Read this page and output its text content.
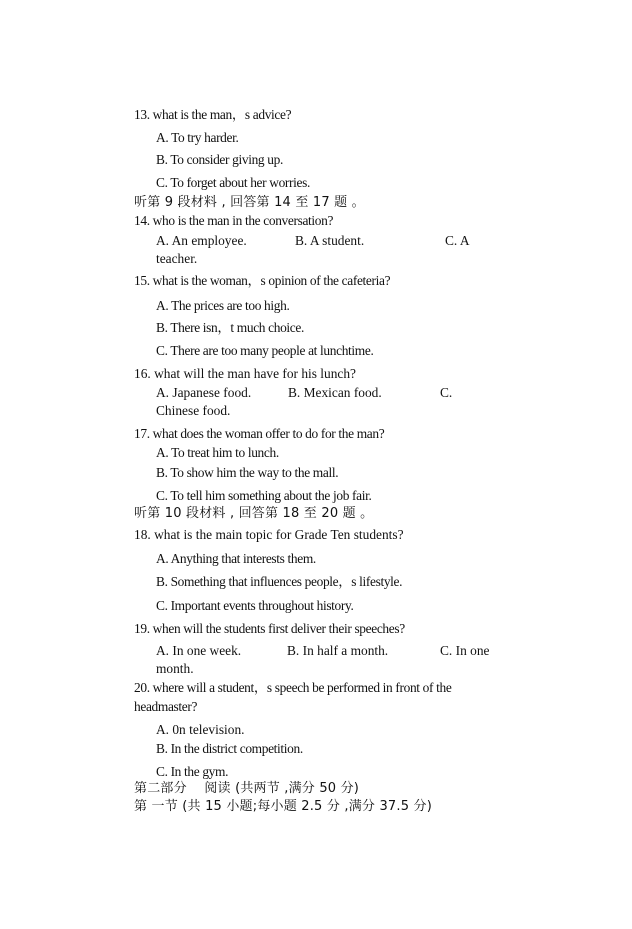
13. what is the man，s advice?
A. To try harder.
B. To consider giving up.
C. To forget about her worries.
听第 9 段材料 , 回答第 14 至 17 题 。
14. who is the man in the conversation?
A. An employee.	B. A student.	C. A
teacher.
15. what is the woman，s opinion of the cafeteria?
A. The prices are too high.
B. There isn，t much choice.
C. There are too many people at lunchtime.
16. what will the man have for his lunch?
A. Japanese food.	B. Mexican food.	C.
Chinese food.
17. what does the woman offer to do for the man?
A. To treat him to lunch.
B. To show him the way to the mall.
C. To tell him something about the job fair.
听第 10 段材料 , 回答第 18 至 20 题 。
18. what is the main topic for Grade Ten students?
A. Anything that interests them.
B. Something that influences people，s lifestyle.
C. Important events throughout history.
19. when will the students first deliver their speeches?
A. In one week.	B. In half a month.	C. In one
month.
20. where will a student，s speech be performed in front of the
headmaster?
A. 0n television.
B. In the district competition.
C. In the gym.
第二部分　 阅读 (共两节 ,满分 50 分)
第 一节 (共 15 小题;每小题 2.5 分 ,满分 37.5 分)
